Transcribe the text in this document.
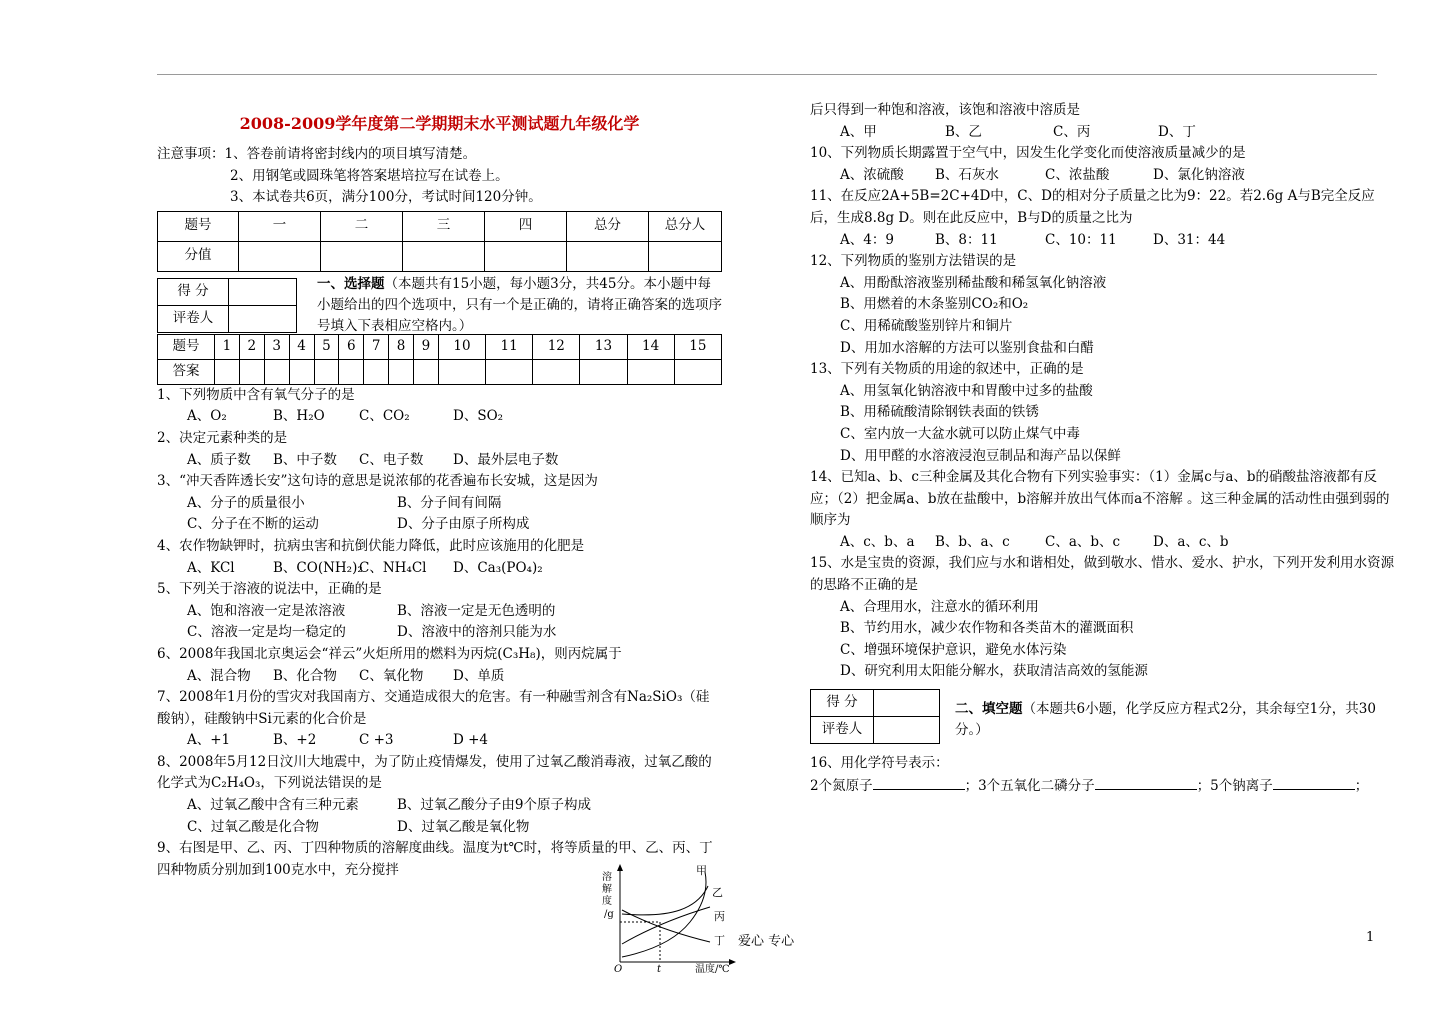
2008-2009学年度第二学期期末水平测试题九年级化学
注意事项：1、答卷前请将密封线内的项目填写清楚。
2、用钢笔或圆珠笔将答案堪培拉写在试卷上。
3、本试卷共6页，满分100分，考试时间120分钟。
题号	一	二	三	四	总分	总分人
分值						
得 分	
评卷人	
一、选择题（本题共有15小题，每小题3分，共45分。本小题中每小题给出的四个选项中，只有一个是正确的，请将正确答案的选项序号填入下表相应空格内。）
题号	1	2	3	4	5	6	7	8	9	10	11	12	13	14	15
答案															
1、下列物质中含有氧气分子的是
A、O₂	B、H₂O	C、CO₂	D、SO₂
2、决定元素种类的是
A、质子数 B、中子数 C、电子数 D、最外层电子数
3、“冲天香阵透长安”这句诗的意思是说浓郁的花香遍布长安城，这是因为
A、分子的质量很小	B、分子间有间隔
C、分子在不断的运动	D、分子由原子所构成
4、农作物缺钾时，抗病虫害和抗倒伏能力降低，此时应该施用的化肥是
A、KCl	B、CO(NH₂)₂C、NH₄Cl D、Ca₃(PO₄)₂
5、下列关于溶液的说法中，正确的是
A、饱和溶液一定是浓溶液	B、溶液一定是无色透明的
C、溶液一定是均一稳定的	D、溶液中的溶剂只能为水
6、2008年我国北京奥运会“祥云”火炬所用的燃料为丙烷(C₃H₈)，则丙烷属于
A、混合物 B、化合物 C、氧化物 D、单质
7、2008年1月份的雪灾对我国南方、交通造成很大的危害。有一种融雪剂含有Na₂SiO₃（硅酸钠），硅酸钠中Si元素的化合价是
A、+1	B、+2	C +3	D +4
8、2008年5月12日汶川大地震中，为了防止疫情爆发，使用了过氧乙酸消毒液，过氧乙酸的化学式为C₂H₄O₃，下列说法错误的是
A、过氧乙酸中含有三种元素	B、过氧乙酸分子由9个原子构成
C、过氧乙酸是化合物	D、过氧乙酸是氧化物
9、右图是甲、乙、丙、丁四种物质的溶解度曲线。温度为t℃时，将等质量的甲、乙、丙、丁四种物质分别加到100克水中，充分搅拌	溶
解
度
/g
O	t	温度/℃
甲
乙
丙
丁
后只得到一种饱和溶液，该饱和溶液中溶质是
A、甲	B、乙	C、丙	D、丁
10、下列物质长期露置于空气中，因发生化学变化而使溶液质量减少的是
A、浓硫酸 B、石灰水	C、浓盐酸	D、氯化钠溶液
11、在反应2A+5B=2C+4D中，C、D的相对分子质量之比为9：22。若2.6g A与B完全反应后，生成8.8g D。则在此反应中，B与D的质量之比为
A、4：9	B、8：11	C、10：11	D、31：44
12、下列物质的鉴别方法错误的是
A、用酚酞溶液鉴别稀盐酸和稀氢氧化钠溶液
B、用燃着的木条鉴别CO₂和O₂
C、用稀硫酸鉴别锌片和铜片
D、用加水溶解的方法可以鉴别食盐和白醋
13、下列有关物质的用途的叙述中，正确的是
A、用氢氧化钠溶液中和胃酸中过多的盐酸
B、用稀硫酸清除钢铁表面的铁锈
C、室内放一大盆水就可以防止煤气中毒
D、用甲醛的水溶液浸泡豆制品和海产品以保鲜
14、已知a、b、c三种金属及其化合物有下列实验事实：（1）金属c与a、b的硝酸盐溶液都有反应；（2）把金属a、b放在盐酸中，b溶解并放出气体而a不溶解 。这三种金属的活动性由强到弱的顺序为
A、c、b、a B、b、a、c	C、a、b、c D、a、c、b
15、水是宝贵的资源，我们应与水和谐相处，做到敬水、惜水、爱水、护水，下列开发利用水资源的思路不正确的是
A、合理用水，注意水的循环利用
B、节约用水，减少农作物和各类苗木的灌溉面积
C、增强环境保护意识，避免水体污染
D、研究利用太阳能分解水，获取清洁高效的氢能源
得 分	
评卷人	
二、填空题（本题共6小题，化学反应方程式2分，其余每空1分，共30分。）
16、用化学符号表示：
2个氮原子	；3个五氧化二磷分子	；5个钠离子	；
爱心 专心	1
